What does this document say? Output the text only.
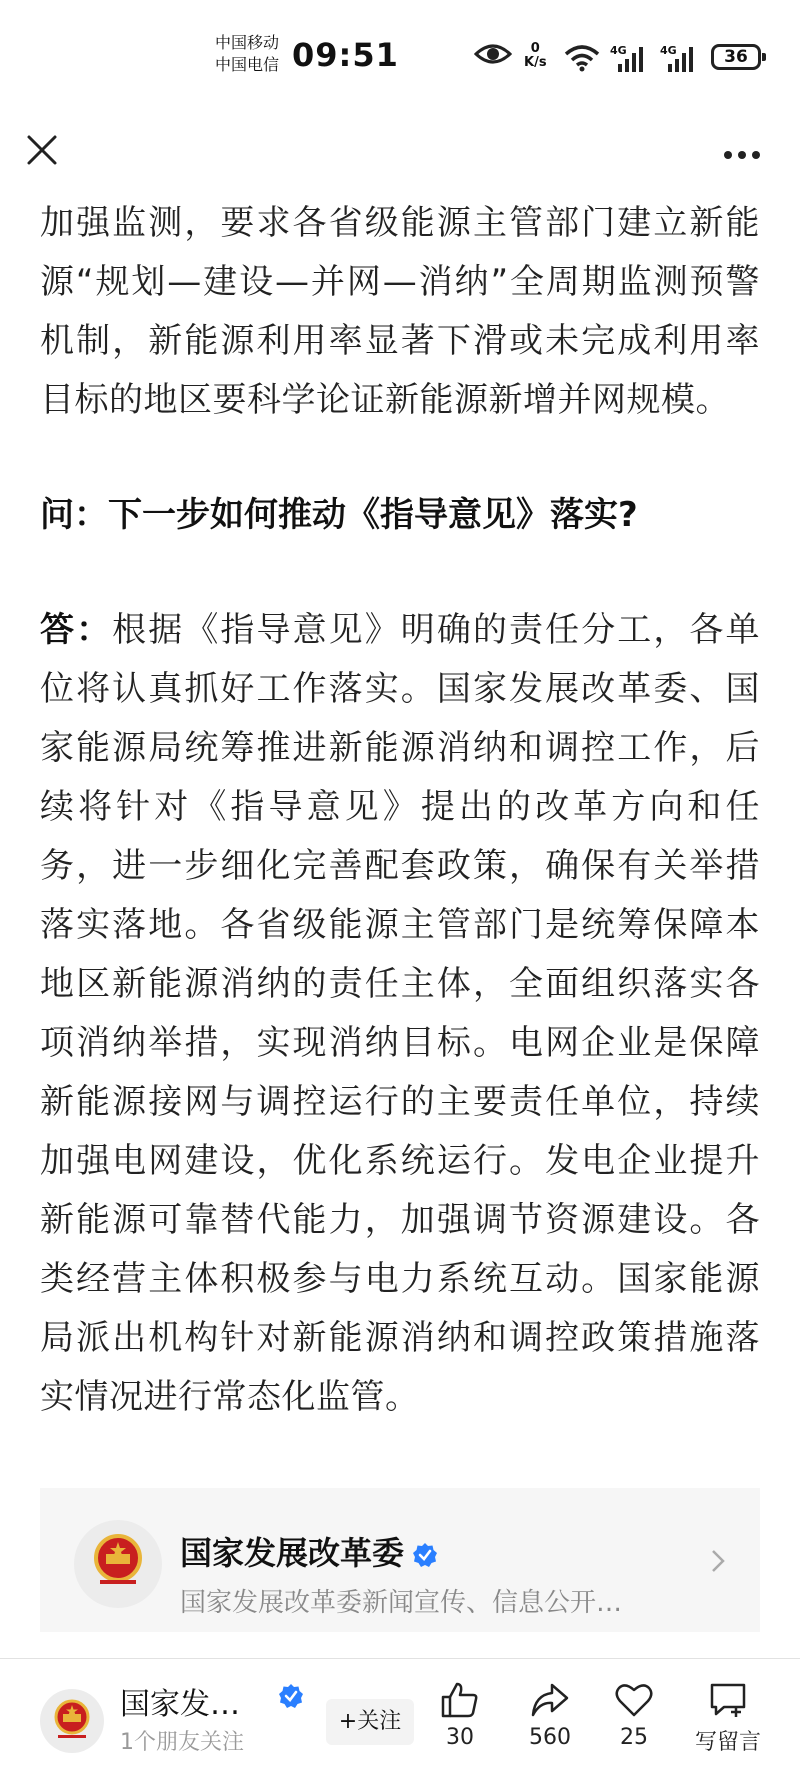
中国移动
中国电信 09:51	0
K/s
4G	4G	36

加强监测，要求各省级能源主管部门建立新能源“规划—建设—并网—消纳”全周期监测预警机制，新能源利用率显著下滑或未完成利用率目标的地区要科学论证新能源新增并网规模。

问：下一步如何推动《指导意见》落实?

答：根据《指导意见》明确的责任分工，各单位将认真抓好工作落实。国家发展改革委、国家能源局统筹推进新能源消纳和调控工作，后续将针对《指导意见》提出的改革方向和任务，进一步细化完善配套政策，确保有关举措落实落地。各省级能源主管部门是统筹保障本地区新能源消纳的责任主体，全面组织落实各项消纳举措，实现消纳目标。电网企业是保障新能源接网与调控运行的主要责任单位，持续加强电网建设，优化系统运行。发电企业提升新能源可靠替代能力，加强调节资源建设。各类经营主体积极参与电力系统互动。国家能源局派出机构针对新能源消纳和调控政策措施落实情况进行常态化监管。

国家发展改革委
国家发展改革委新闻宣传、信息公开…
国家发…
1个朋友关注
+关注
30	560	25	写留言
